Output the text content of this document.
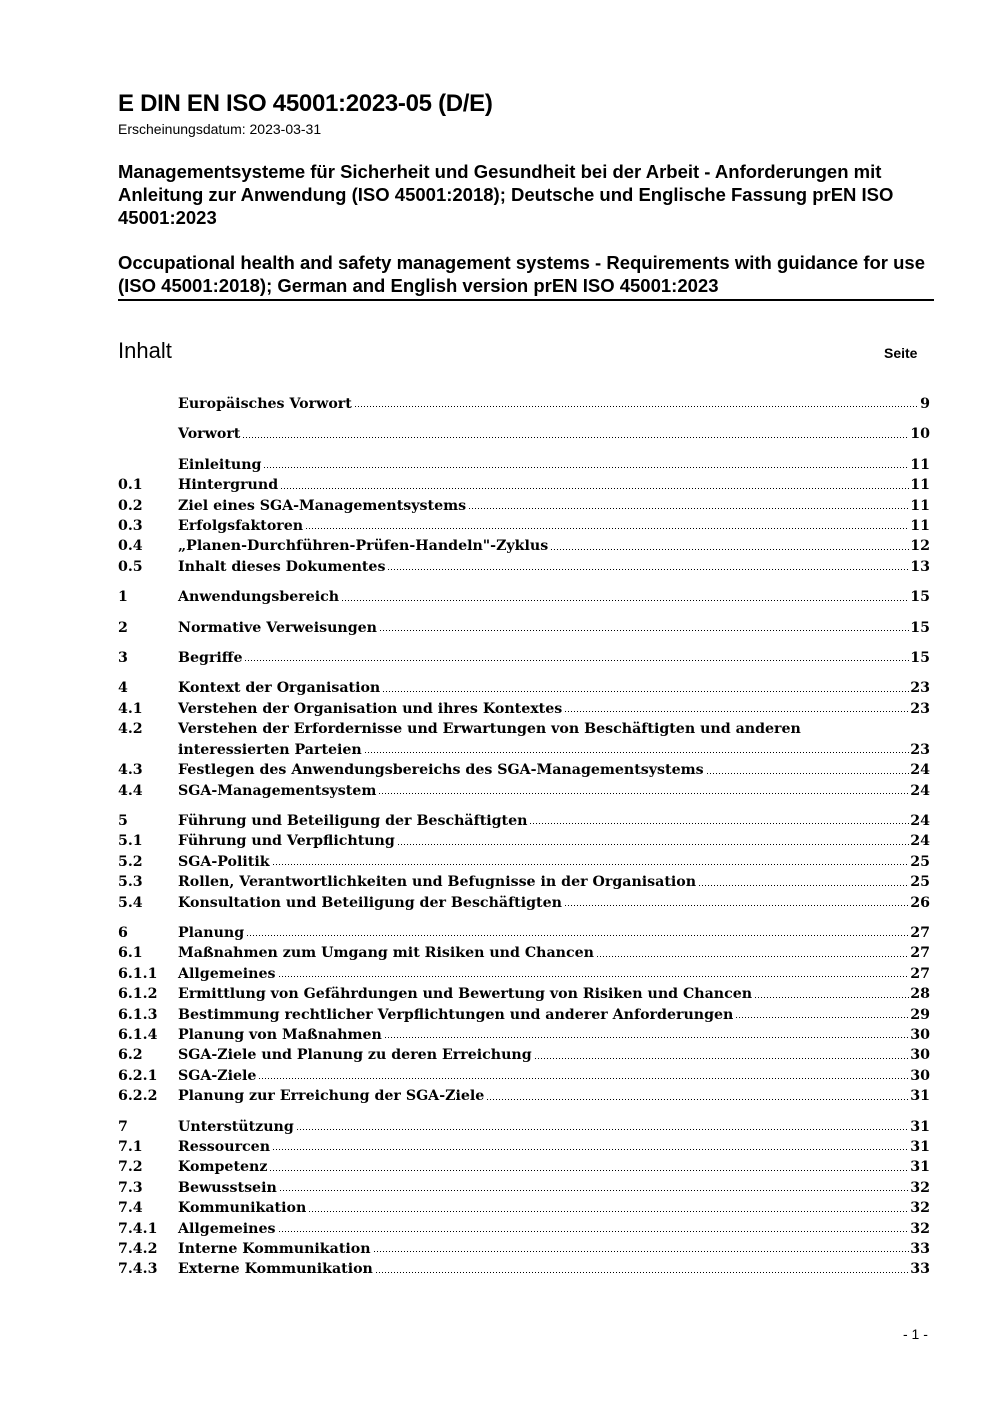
E DIN EN ISO 45001:2023-05 (D/E)
Erscheinungsdatum: 2023-03-31
Managementsysteme für Sicherheit und Gesundheit bei der Arbeit - Anforderungen mit Anleitung zur Anwendung (ISO 45001:2018); Deutsche und Englische Fassung prEN ISO 45001:2023
Occupational health and safety management systems - Requirements with guidance for use (ISO 45001:2018); German and English version prEN ISO 45001:2023
Inhalt	Seite
Europäisches Vorwort	9
Vorwort	10
Einleitung	11
0.1	Hintergrund	11
0.2	Ziel eines SGA-Managementsystems	11
0.3	Erfolgsfaktoren	11
0.4	„Planen-Durchführen-Prüfen-Handeln"-Zyklus	12
0.5	Inhalt dieses Dokumentes	13
1	Anwendungsbereich	15
2	Normative Verweisungen	15
3	Begriffe	15
4	Kontext der Organisation	23
4.1	Verstehen der Organisation und ihres Kontextes	23
4.2	Verstehen der Erfordernisse und Erwartungen von Beschäftigten und anderen
interessierten Parteien	23
4.3	Festlegen des Anwendungsbereichs des SGA-Managementsystems	24
4.4	SGA-Managementsystem	24
5	Führung und Beteiligung der Beschäftigten	24
5.1	Führung und Verpflichtung	24
5.2	SGA-Politik	25
5.3	Rollen, Verantwortlichkeiten und Befugnisse in der Organisation	25
5.4	Konsultation und Beteiligung der Beschäftigten	26
6	Planung	27
6.1	Maßnahmen zum Umgang mit Risiken und Chancen	27
6.1.1	Allgemeines	27
6.1.2	Ermittlung von Gefährdungen und Bewertung von Risiken und Chancen	28
6.1.3	Bestimmung rechtlicher Verpflichtungen und anderer Anforderungen	29
6.1.4	Planung von Maßnahmen	30
6.2	SGA-Ziele und Planung zu deren Erreichung	30
6.2.1	SGA-Ziele	30
6.2.2	Planung zur Erreichung der SGA-Ziele	31
7	Unterstützung	31
7.1	Ressourcen	31
7.2	Kompetenz	31
7.3	Bewusstsein	32
7.4	Kommunikation	32
7.4.1	Allgemeines	32
7.4.2	Interne Kommunikation	33
7.4.3	Externe Kommunikation	33
- 1 -
